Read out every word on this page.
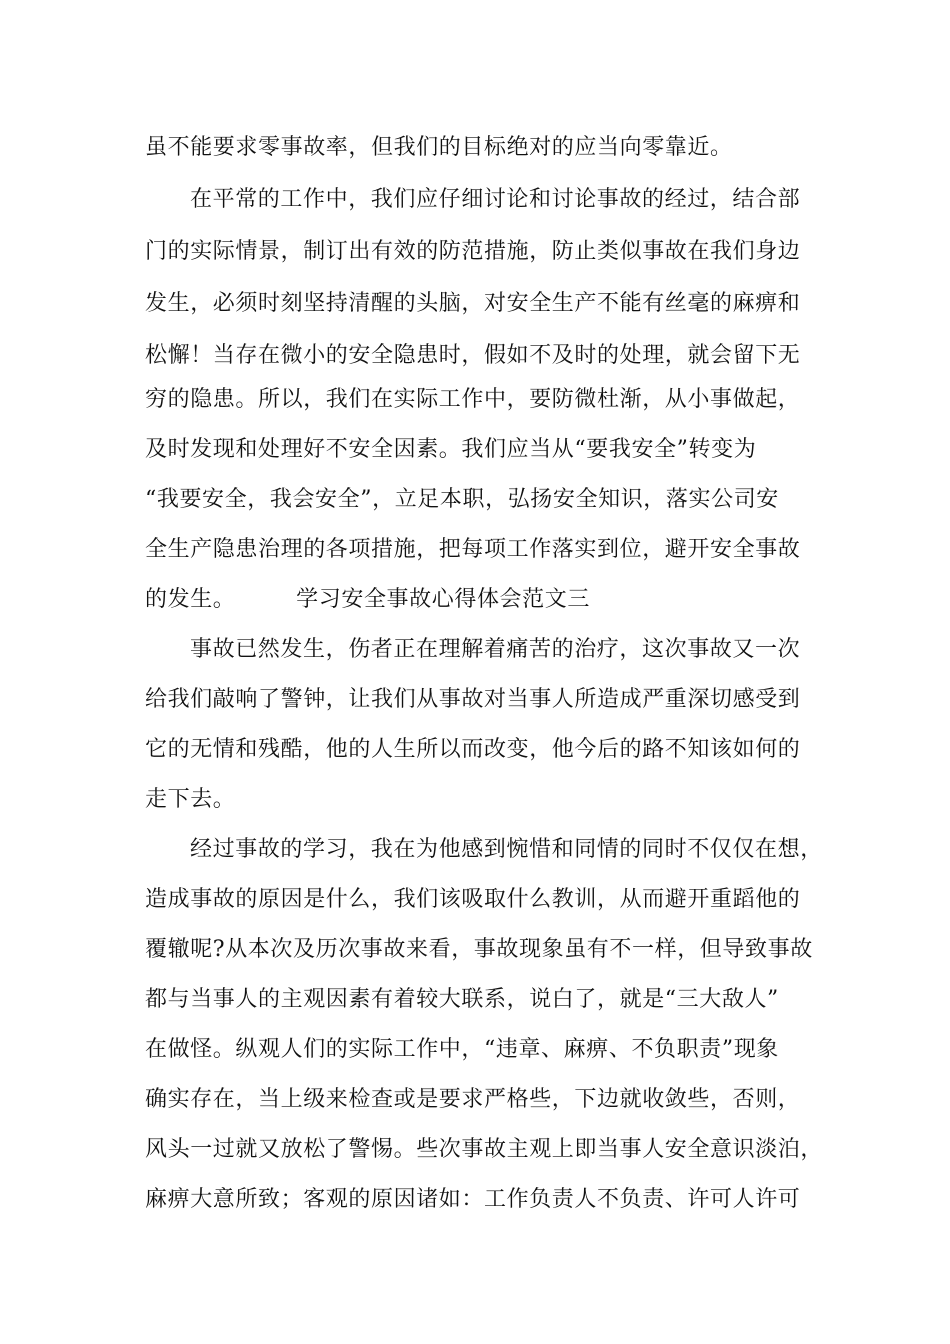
虽不能要求零事故率，但我们的目标绝对的应当向零靠近。
在平常的工作中，我们应仔细讨论和讨论事故的经过，结合部
门的实际情景，制订出有效的防范措施，防止类似事故在我们身边
发生，必须时刻坚持清醒的头脑，对安全生产不能有丝毫的麻痹和
松懈！当存在微小的安全隐患时，假如不及时的处理，就会留下无
穷的隐患。所以，我们在实际工作中，要防微杜渐，从小事做起，
及时发现和处理好不安全因素。我们应当从“要我安全”转变为
“我要安全，我会安全”，立足本职，弘扬安全知识，落实公司安
全生产隐患治理的各项措施，把每项工作落实到位，避开安全事故
的发生。        学习安全事故心得体会范文三
事故已然发生，伤者正在理解着痛苦的治疗，这次事故又一次
给我们敲响了警钟，让我们从事故对当事人所造成严重深切感受到
它的无情和残酷，他的人生所以而改变，他今后的路不知该如何的
走下去。
经过事故的学习，我在为他感到惋惜和同情的同时不仅仅在想，
造成事故的原因是什么，我们该吸取什么教训，从而避开重蹈他的
覆辙呢?从本次及历次事故来看，事故现象虽有不一样，但导致事故
都与当事人的主观因素有着较大联系，说白了，就是“三大敌人”
在做怪。纵观人们的实际工作中，“违章、麻痹、不负职责”现象
确实存在，当上级来检查或是要求严格些，下边就收敛些，否则，
风头一过就又放松了警惕。些次事故主观上即当事人安全意识淡泊，
麻痹大意所致；客观的原因诸如：工作负责人不负责、许可人许可
